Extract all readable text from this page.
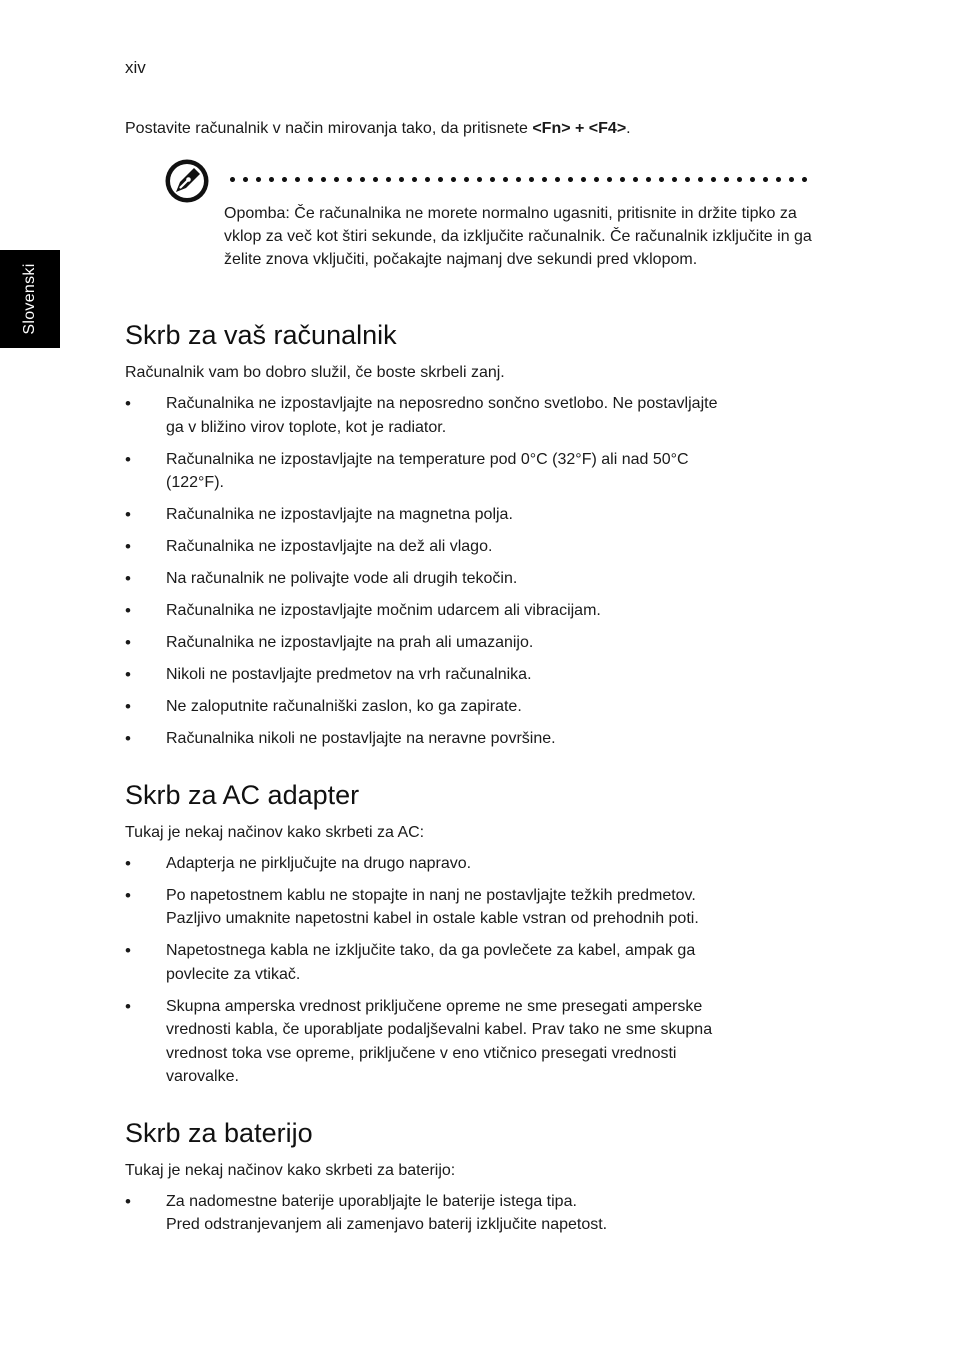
xiv
Slovenski

Postavite računalnik v način mirovanja tako, da pritisnete <Fn> + <F4>.

Opomba: Če računalnika ne morete normalno ugasniti, pritisnite in držite tipko za vklop za več kot štiri sekunde, da izključite računalnik. Če računalnik izključite in ga želite znova vključiti, počakajte najmanj dve sekundi pred vklopom.

Skrb za vaš računalnik

Računalnik vam bo dobro služil, če boste skrbeli zanj.

• Računalnika ne izpostavljajte na neposredno sončno svetlobo. Ne postavljajte
ga v bližino virov toplote, kot je radiator.
• Računalnika ne izpostavljajte na temperature pod 0°C (32°F) ali nad 50°C
(122°F).
• Računalnika ne izpostavljajte na magnetna polja.
• Računalnika ne izpostavljajte na dež ali vlago.
• Na računalnik ne polivajte vode ali drugih tekočin.
• Računalnika ne izpostavljajte močnim udarcem ali vibracijam.
• Računalnika ne izpostavljajte na prah ali umazanijo.
• Nikoli ne postavljajte predmetov na vrh računalnika.
• Ne zaloputnite računalniški zaslon, ko ga zapirate.
• Računalnika nikoli ne postavljajte na neravne površine.
Skrb za AC adapter

Tukaj je nekaj načinov kako skrbeti za AC:

• Adapterja ne pirključujte na drugo napravo.
• Po napetostnem kablu ne stopajte in nanj ne postavljajte težkih predmetov.
Pazljivo umaknite napetostni kabel in ostale kable vstran od prehodnih poti.
• Napetostnega kabla ne izključite tako, da ga povlečete za kabel, ampak ga
povlecite za vtikač.
• Skupna amperska vrednost priključene opreme ne sme presegati amperske
vrednosti kabla, če uporabljate podaljševalni kabel. Prav tako ne sme skupna
vrednost toka vse opreme, priključene v eno vtičnico presegati vrednosti
varovalke.
Skrb za baterijo

Tukaj je nekaj načinov kako skrbeti za baterijo:

• Za nadomestne baterije uporabljajte le baterije istega tipa.
Pred odstranjevanjem ali zamenjavo baterij izključite napetost.
